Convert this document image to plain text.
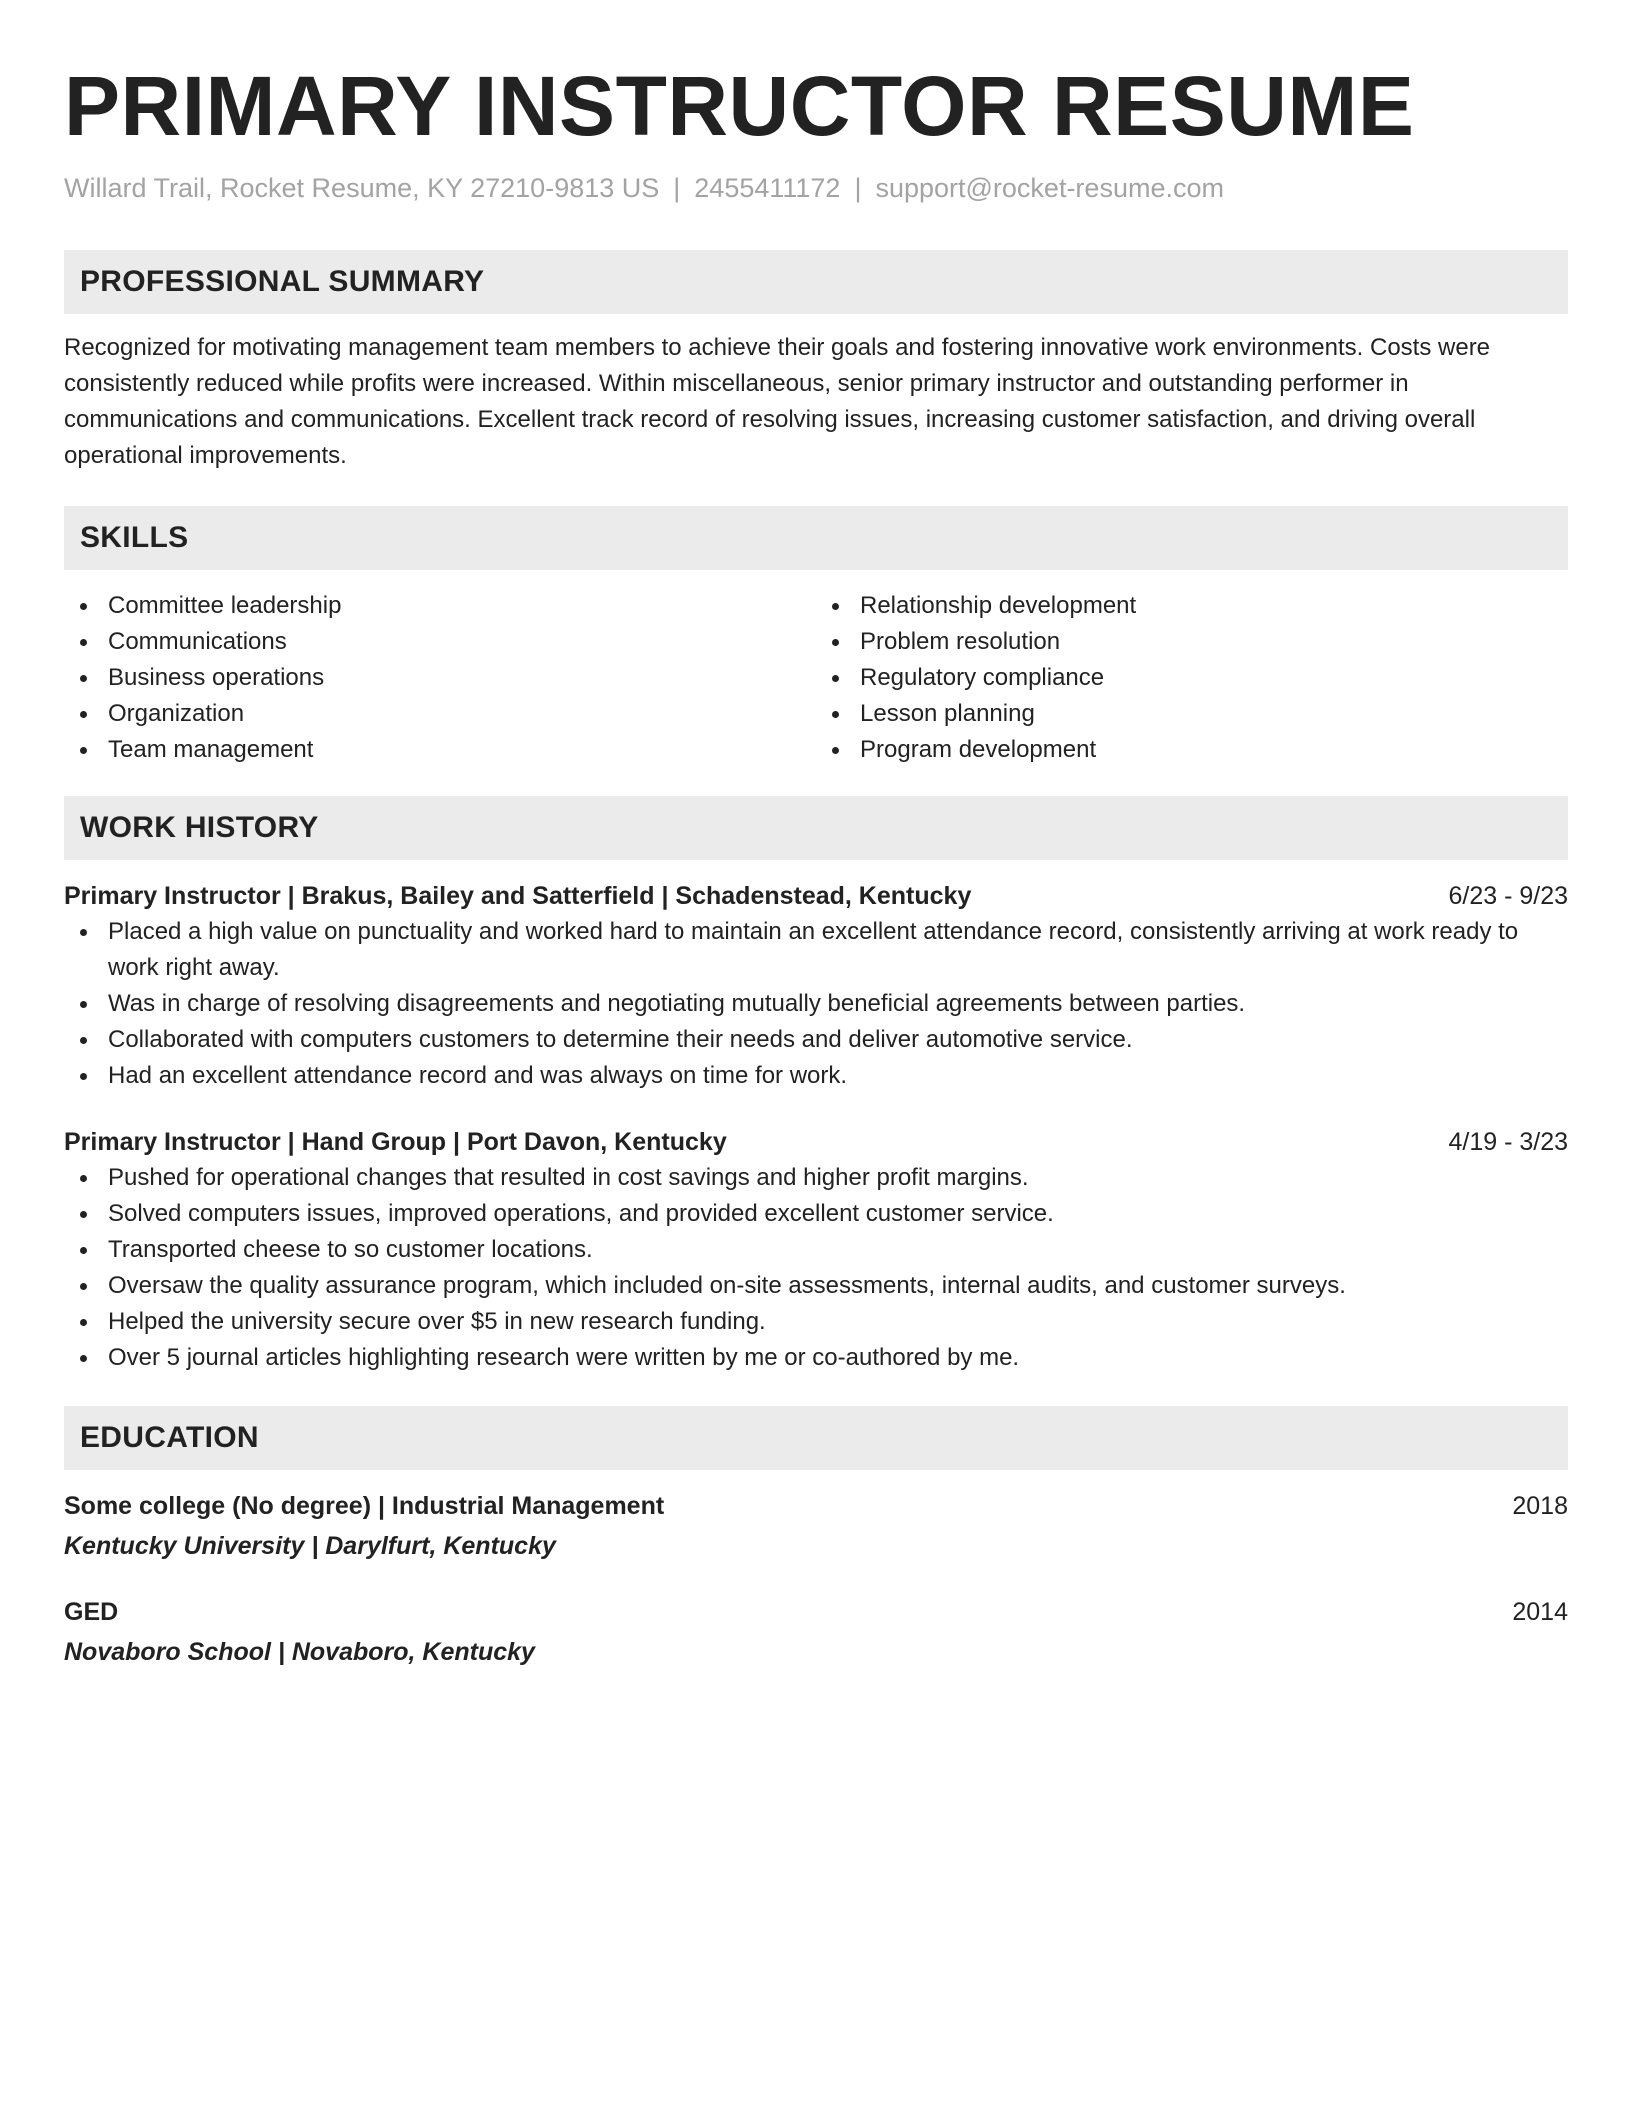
PRIMARY INSTRUCTOR RESUME
Willard Trail, Rocket Resume, KY 27210-9813 US | 2455411172 | support@rocket-resume.com
PROFESSIONAL SUMMARY
Recognized for motivating management team members to achieve their goals and fostering innovative work environments. Costs were consistently reduced while profits were increased. Within miscellaneous, senior primary instructor and outstanding performer in communications and communications. Excellent track record of resolving issues, increasing customer satisfaction, and driving overall operational improvements.
SKILLS
Committee leadership
Communications
Business operations
Organization
Team management
Relationship development
Problem resolution
Regulatory compliance
Lesson planning
Program development
WORK HISTORY
Primary Instructor | Brakus, Bailey and Satterfield | Schadenstead, Kentucky	6/23 - 9/23
Placed a high value on punctuality and worked hard to maintain an excellent attendance record, consistently arriving at work ready to work right away.
Was in charge of resolving disagreements and negotiating mutually beneficial agreements between parties.
Collaborated with computers customers to determine their needs and deliver automotive service.
Had an excellent attendance record and was always on time for work.
Primary Instructor | Hand Group | Port Davon, Kentucky	4/19 - 3/23
Pushed for operational changes that resulted in cost savings and higher profit margins.
Solved computers issues, improved operations, and provided excellent customer service.
Transported cheese to so customer locations.
Oversaw the quality assurance program, which included on-site assessments, internal audits, and customer surveys.
Helped the university secure over $5 in new research funding.
Over 5 journal articles highlighting research were written by me or co-authored by me.
EDUCATION
Some college (No degree) | Industrial Management	2018
Kentucky University | Darylfurt, Kentucky
GED	2014
Novaboro School | Novaboro, Kentucky
